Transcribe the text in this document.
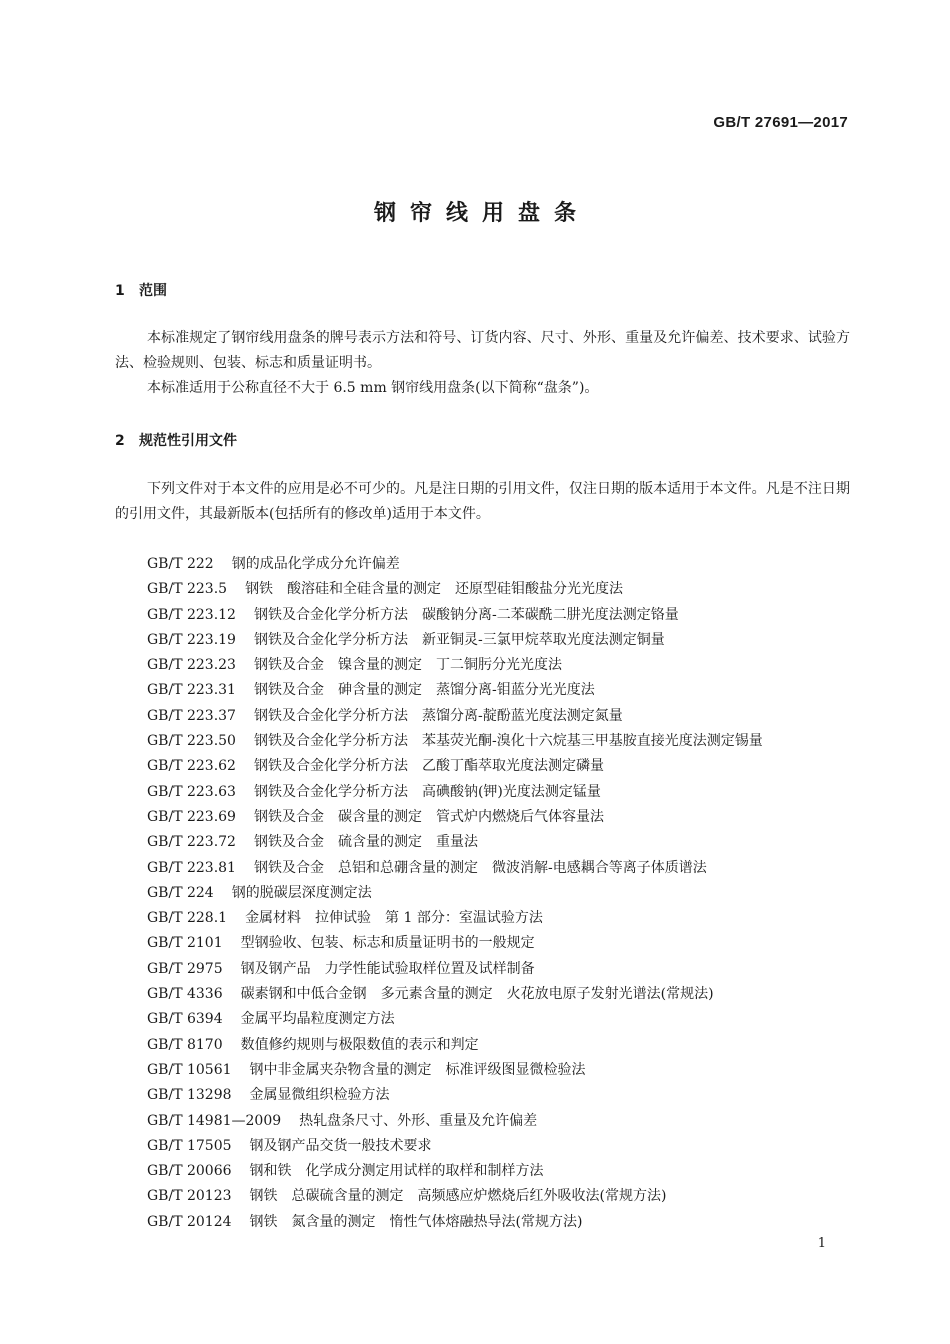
GB/T 27691—2017
钢帘线用盘条
1 范围

本标准规定了钢帘线用盘条的牌号表示方法和符号、订货内容、尺寸、外形、重量及允许偏差、技术要求、试验方法、检验规则、包装、标志和质量证明书。

本标准适用于公称直径不大于 6.5 mm 钢帘线用盘条(以下简称“盘条”)。

2 规范性引用文件

下列文件对于本文件的应用是必不可少的。凡是注日期的引用文件，仅注日期的版本适用于本文件。凡是不注日期的引用文件，其最新版本(包括所有的修改单)适用于本文件。

GB/T 222 钢的成品化学成分允许偏差
GB/T 223.5 钢铁　酸溶硅和全硅含量的测定　还原型硅钼酸盐分光光度法
GB/T 223.12 钢铁及合金化学分析方法　碳酸钠分离-二苯碳酰二肼光度法测定铬量
GB/T 223.19 钢铁及合金化学分析方法　新亚铜灵-三氯甲烷萃取光度法测定铜量
GB/T 223.23 钢铁及合金　镍含量的测定　丁二铜肟分光光度法
GB/T 223.31 钢铁及合金　砷含量的测定　蒸馏分离-钼蓝分光光度法
GB/T 223.37 钢铁及合金化学分析方法　蒸馏分离-靛酚蓝光度法测定氮量
GB/T 223.50 钢铁及合金化学分析方法　苯基荧光酮-溴化十六烷基三甲基胺直接光度法测定锡量
GB/T 223.62 钢铁及合金化学分析方法　乙酸丁酯萃取光度法测定磷量
GB/T 223.63 钢铁及合金化学分析方法　高碘酸钠(钾)光度法测定锰量
GB/T 223.69 钢铁及合金　碳含量的测定　管式炉内燃烧后气体容量法
GB/T 223.72 钢铁及合金　硫含量的测定　重量法
GB/T 223.81 钢铁及合金　总铝和总硼含量的测定　微波消解-电感耦合等离子体质谱法
GB/T 224 钢的脱碳层深度测定法
GB/T 228.1 金属材料　拉伸试验　第 1 部分：室温试验方法
GB/T 2101 型钢验收、包装、标志和质量证明书的一般规定
GB/T 2975 钢及钢产品　力学性能试验取样位置及试样制备
GB/T 4336 碳素钢和中低合金钢　多元素含量的测定　火花放电原子发射光谱法(常规法)
GB/T 6394 金属平均晶粒度测定方法
GB/T 8170 数值修约规则与极限数值的表示和判定
GB/T 10561 钢中非金属夹杂物含量的测定　标准评级图显微检验法
GB/T 13298 金属显微组织检验方法
GB/T 14981—2009 热轧盘条尺寸、外形、重量及允许偏差
GB/T 17505 钢及钢产品交货一般技术要求
GB/T 20066 钢和铁　化学成分测定用试样的取样和制样方法
GB/T 20123 钢铁　总碳硫含量的测定　高频感应炉燃烧后红外吸收法(常规方法)
GB/T 20124 钢铁　氮含量的测定　惰性气体熔融热导法(常规方法)
1
